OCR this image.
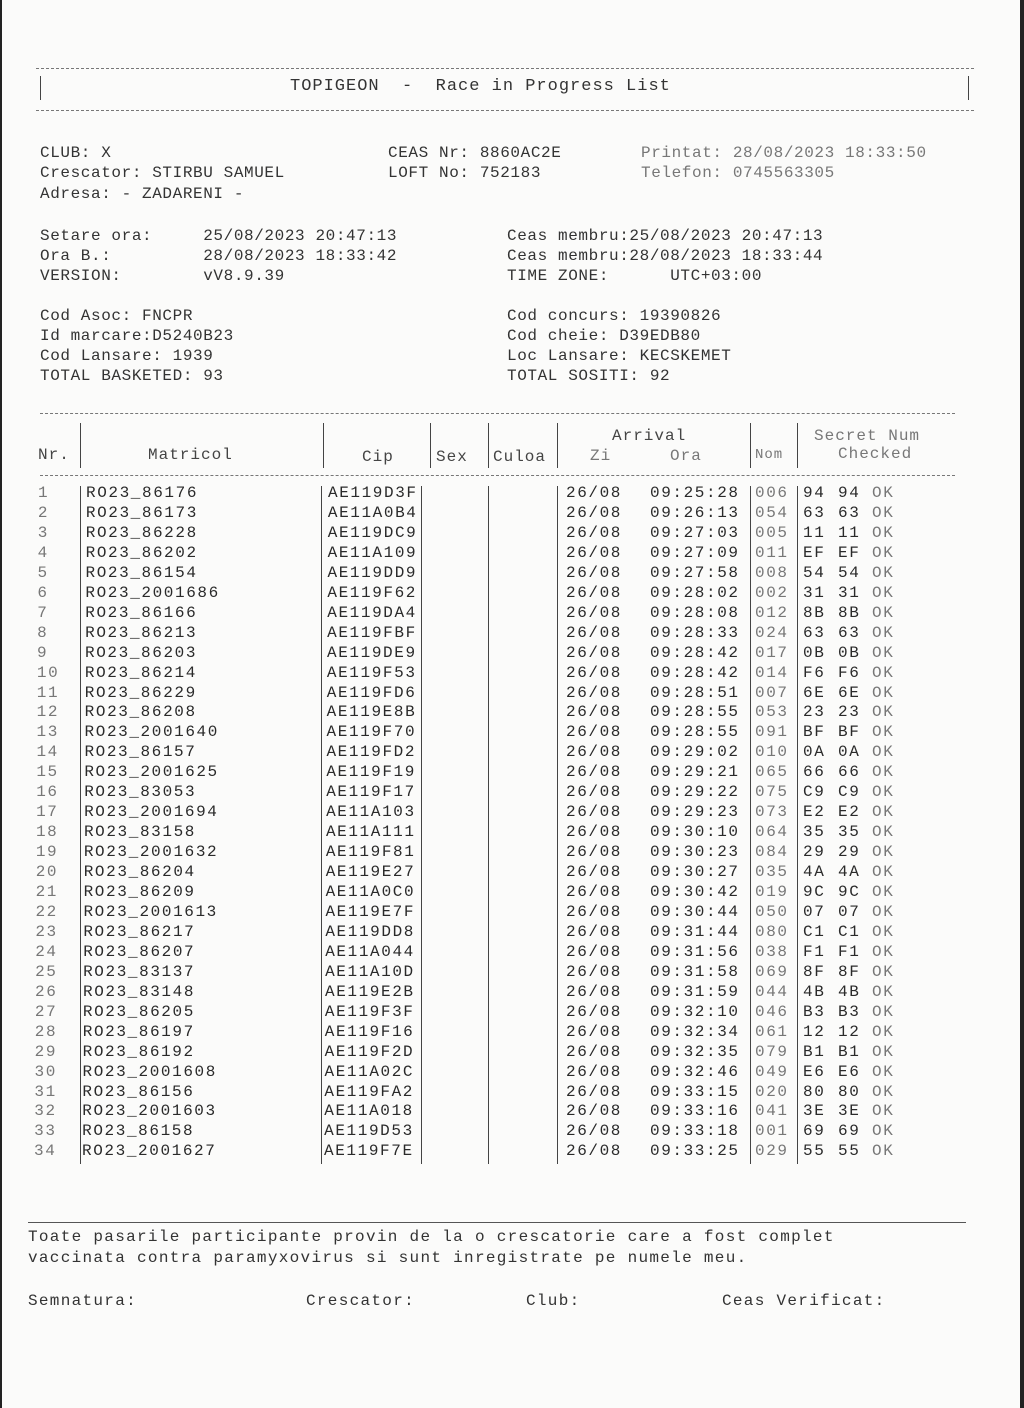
TOPIGEON  -  Race in Progress List
CLUB: X
Crescator: STIRBU SAMUEL
Adresa: - ZADARENI -
CEAS Nr: 8860AC2E
LOFT No: 752183
Printat: 28/08/2023 18:33:50
Telefon: 0745563305
Setare ora:     25/08/2023 20:47:13
Ora B.:         28/08/2023 18:33:42
VERSION:        vV8.9.39
Ceas membru:25/08/2023 20:47:13
Ceas membru:28/08/2023 18:33:44
TIME ZONE:      UTC+03:00
Cod Asoc: FNCPR
Id marcare:D5240B23
Cod Lansare: 1939
TOTAL BASKETED: 93
Cod concurs: 19390826
Cod cheie: D39EDB80
Loc Lansare: KECSKEMET
TOTAL SOSITI: 92
Nr.	Matricol	Cip	Sex Culoa
Arrival
Zi	Ora	Nom
Secret Num
Checked
1 RO23_86176	AE119D3F	26/08 09:25:28 006 94 94 OK
2 RO23_86173	AE11A0B4	26/08 09:26:13 054 63 63 OK
3 RO23_86228	AE119DC9	26/08 09:27:03 005 11 11 OK
4 RO23_86202	AE11A109	26/08 09:27:09 011 EF EF OK
5 RO23_86154	AE119DD9	26/08 09:27:58 008 54 54 OK
6 RO23_2001686	AE119F62	26/08 09:28:02 002 31 31 OK
7 RO23_86166	AE119DA4	26/08 09:28:08 012 8B 8B OK
8 RO23_86213	AE119FBF	26/08 09:28:33 024 63 63 OK
9 RO23_86203	AE119DE9	26/08 09:28:42 017 0B 0B OK
10 RO23_86214	AE119F53	26/08 09:28:42 014 F6 F6 OK
11 RO23_86229	AE119FD6	26/08 09:28:51 007 6E 6E OK
12 RO23_86208	AE119E8B	26/08 09:28:55 053 23 23 OK
13 RO23_2001640	AE119F70	26/08 09:28:55 091 BF BF OK
14 RO23_86157	AE119FD2	26/08 09:29:02 010 0A 0A OK
15 RO23_2001625	AE119F19	26/08 09:29:21 065 66 66 OK
16 RO23_83053	AE119F17	26/08 09:29:22 075 C9 C9 OK
17 RO23_2001694	AE11A103	26/08 09:29:23 073 E2 E2 OK
18 RO23_83158	AE11A111	26/08 09:30:10 064 35 35 OK
19 RO23_2001632	AE119F81	26/08 09:30:23 084 29 29 OK
20 RO23_86204	AE119E27	26/08 09:30:27 035 4A 4A OK
21 RO23_86209	AE11A0C0	26/08 09:30:42 019 9C 9C OK
22 RO23_2001613	AE119E7F	26/08 09:30:44 050 07 07 OK
23 RO23_86217	AE119DD8	26/08 09:31:44 080 C1 C1 OK
24 RO23_86207	AE11A044	26/08 09:31:56 038 F1 F1 OK
25 RO23_83137	AE11A10D	26/08 09:31:58 069 8F 8F OK
26 RO23_83148	AE119E2B	26/08 09:31:59 044 4B 4B OK
27 RO23_86205	AE119F3F	26/08 09:32:10 046 B3 B3 OK
28 RO23_86197	AE119F16	26/08 09:32:34 061 12 12 OK
29 RO23_86192	AE119F2D	26/08 09:32:35 079 B1 B1 OK
30 RO23_2001608	AE11A02C	26/08 09:32:46 049 E6 E6 OK
31 RO23_86156	AE119FA2	26/08 09:33:15 020 80 80 OK
32 RO23_2001603	AE11A018	26/08 09:33:16 041 3E 3E OK
33 RO23_86158	AE119D53	26/08 09:33:18 001 69 69 OK
34 RO23_2001627	AE119F7E	26/08 09:33:25 029 55 55 OK
Toate pasarile participante provin de la o crescatorie care a fost complet
vaccinata contra paramyxovirus si sunt inregistrate pe numele meu.
Semnatura:	Crescator:	Club:	Ceas Verificat:
